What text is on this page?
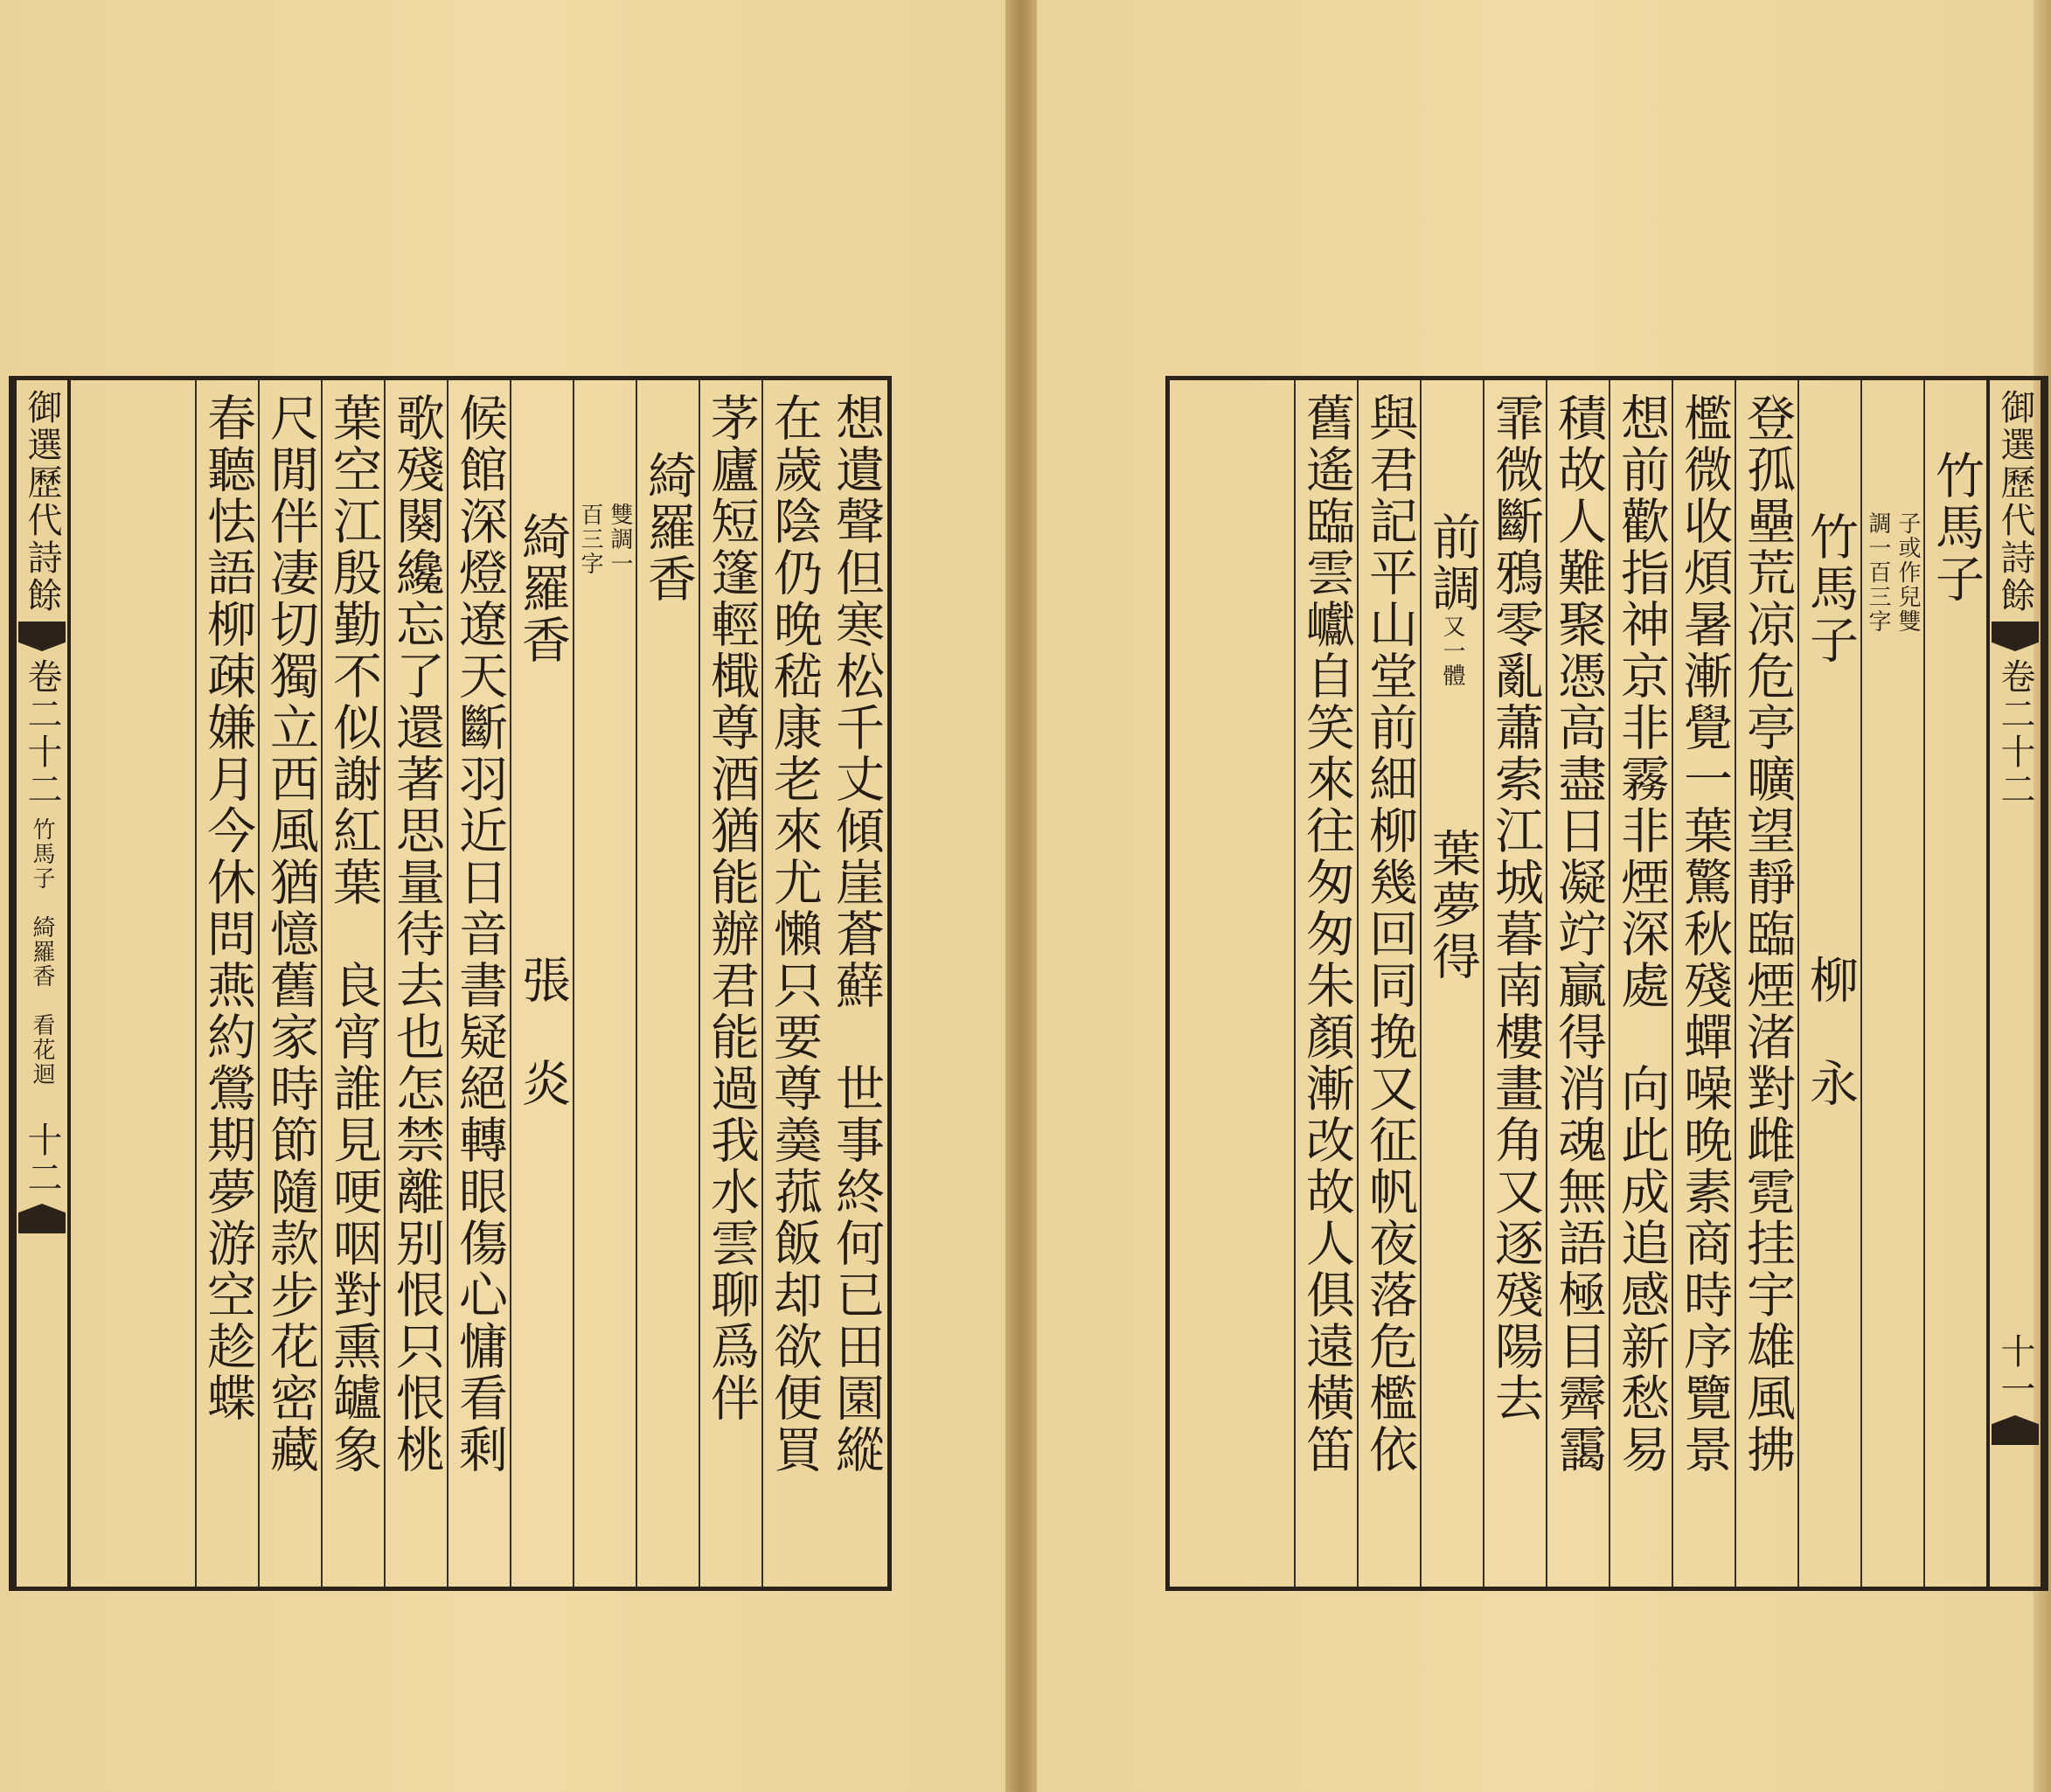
想遺聲但寒松千丈傾崖蒼蘚　世事終何已田園縱
在歲陰仍晚嵇康老來尤懶只要尊羮菰飯却欲便買
茅廬短篷輕檝尊酒猶能辦君能過我水雲聊爲伴
綺羅香
雙調一
百三字
綺羅香
張　炎
候館深燈遼天斷羽近日音書疑絕轉眼傷心慵看剩
歌殘闋纔忘了還著思量待去也怎禁離别恨只恨桃
葉空江殷勤不似謝紅葉　良宵誰見哽咽對熏罏象
尺閒伴凄切獨立西風猶憶舊家時節隨款步花密藏
春聽怯語柳疎嫌月今休問燕約鶯期夢游空趁蝶
御選歷代詩餘
卷二十二
竹馬子　綺羅香　看花迴
十二
御選歷代詩餘
卷二十二
十一
竹馬子
子或作兒雙
調一百三字
竹馬子
柳　永
登孤壘荒凉危亭曠望靜臨煙渚對雌霓挂宇雄風拂
檻微收煩暑漸覺一葉驚秋殘蟬噪晚素商時序覽景
想前歡指神京非霧非煙深處　向此成追感新愁易
積故人難聚憑高盡日凝竚贏得消魂無語極目霽靄
霏微斷鴉零亂蕭索江城暮南樓畫角又逐殘陽去
前調
又一體
葉夢得
與君記平山堂前細柳幾回同挽又征帆夜落危檻依
舊遙臨雲巘自笑來往匆匆朱顏漸改故人俱遠橫笛
